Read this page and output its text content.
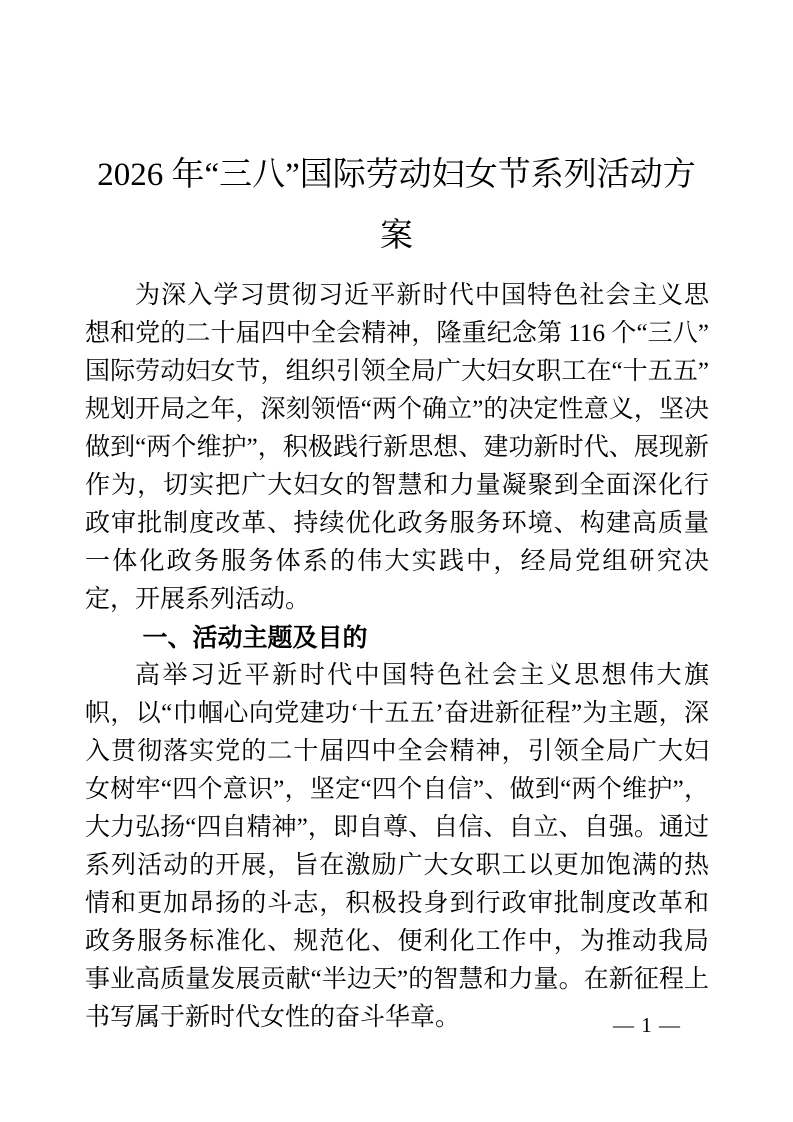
2026 年“三八”国际劳动妇女节系列活动方
案

为深入学习贯彻习近平新时代中国特色社会主义思想和党的二十届四中全会精神，隆重纪念第 116 个“三八”国际劳动妇女节，组织引领全局广大妇女职工在“十五五”规划开局之年，深刻领悟“两个确立”的决定性意义，坚决做到“两个维护”，积极践行新思想、建功新时代、展现新作为，切实把广大妇女的智慧和力量凝聚到全面深化行政审批制度改革、持续优化政务服务环境、构建高质量一体化政务服务体系的伟大实践中，经局党组研究决定，开展系列活动。

一、活动主题及目的

高举习近平新时代中国特色社会主义思想伟大旗帜，以“巾帼心向党建功‘十五五’奋进新征程”为主题，深入贯彻落实党的二十届四中全会精神，引领全局广大妇女树牢“四个意识”，坚定“四个自信”、做到“两个维护”，大力弘扬“四自精神”，即自尊、自信、自立、自强。通过系列活动的开展，旨在激励广大女职工以更加饱满的热情和更加昂扬的斗志，积极投身到行政审批制度改革和政务服务标准化、规范化、便利化工作中，为推动我局事业高质量发展贡献“半边天”的智慧和力量。在新征程上书写属于新时代女性的奋斗华章。	— 1 —
